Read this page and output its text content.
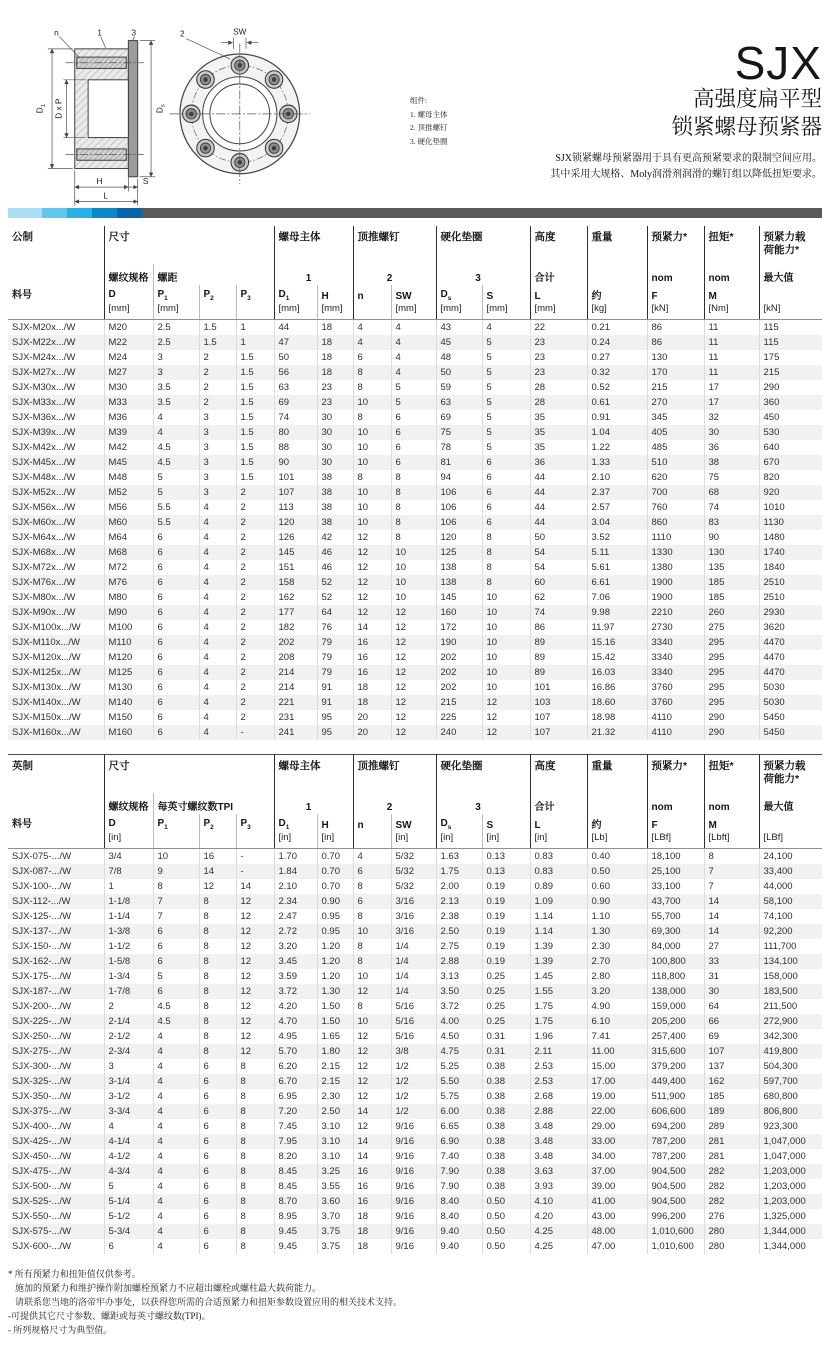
n	1	3
$D_1$ D x P	$D_s$
H	S
L
2	SW
组件:
1. 螺母主体
2. 顶推螺钉
3. 硬化垫圈
SJX
高强度扁平型
锁紧螺母预紧器
SJX锁紧螺母预紧器用于具有更高预紧要求的限制空间应用。
其中采用大规格、Moly润滑剂润滑的螺钉组以降低扭矩要求。
公制
料号
	尺寸	螺母主体	顶推螺钉	硬化垫圈	高度	重量	预紧力*	扭矩*	预紧力载
荷能力*
	螺纹规格	螺距			1		2		3		合计		nom	nom	最大值
	D	$P_1$	$P_2$	$P_3$	$D_1$	H	n	SW	$D_s$	S	L	约	F	M	
	[mm]	[mm]			[mm]	[mm]		[mm]	[mm]	[mm]	[mm]	[kg]	[kN]	[Nm]	[kN]
SJX-M20x.../W	M20	2.5	1.5	1	44	18	4	4	43	4	22	0.21	86	11	115
SJX-M22x.../W	M22	2.5	1.5	1	47	18	4	4	45	5	23	0.24	86	11	115
SJX-M24x.../W	M24	3	2	1.5	50	18	6	4	48	5	23	0.27	130	11	175
SJX-M27x.../W	M27	3	2	1.5	56	18	8	4	50	5	23	0.32	170	11	215
SJX-M30x.../W	M30	3.5	2	1.5	63	23	8	5	59	5	28	0.52	215	17	290
SJX-M33x.../W	M33	3.5	2	1.5	69	23	10	5	63	5	28	0.61	270	17	360
SJX-M36x.../W	M36	4	3	1.5	74	30	8	6	69	5	35	0.91	345	32	450
SJX-M39x.../W	M39	4	3	1.5	80	30	10	6	75	5	35	1.04	405	30	530
SJX-M42x.../W	M42	4.5	3	1.5	88	30	10	6	78	5	35	1.22	485	36	640
SJX-M45x.../W	M45	4.5	3	1.5	90	30	10	6	81	6	36	1.33	510	38	670
SJX-M48x.../W	M48	5	3	1.5	101	38	8	8	94	6	44	2.10	620	75	820
SJX-M52x.../W	M52	5	3	2	107	38	10	8	106	6	44	2.37	700	68	920
SJX-M56x.../W	M56	5.5	4	2	113	38	10	8	106	6	44	2.57	760	74	1010
SJX-M60x.../W	M60	5.5	4	2	120	38	10	8	106	6	44	3.04	860	83	1130
SJX-M64x.../W	M64	6	4	2	126	42	12	8	120	8	50	3.52	1110	90	1480
SJX-M68x.../W	M68	6	4	2	145	46	12	10	125	8	54	5.11	1330	130	1740
SJX-M72x.../W	M72	6	4	2	151	46	12	10	138	8	54	5.61	1380	135	1840
SJX-M76x.../W	M76	6	4	2	158	52	12	10	138	8	60	6.61	1900	185	2510
SJX-M80x.../W	M80	6	4	2	162	52	12	10	145	10	62	7.06	1900	185	2510
SJX-M90x.../W	M90	6	4	2	177	64	12	12	160	10	74	9.98	2210	260	2930
SJX-M100x.../W	M100	6	4	2	182	76	14	12	172	10	86	11.97	2730	275	3620
SJX-M110x.../W	M110	6	4	2	202	79	16	12	190	10	89	15.16	3340	295	4470
SJX-M120x.../W	M120	6	4	2	208	79	16	12	202	10	89	15.42	3340	295	4470
SJX-M125x.../W	M125	6	4	2	214	79	16	12	202	10	89	16.03	3340	295	4470
SJX-M130x.../W	M130	6	4	2	214	91	18	12	202	10	101	16.86	3760	295	5030
SJX-M140x.../W	M140	6	4	2	221	91	18	12	215	12	103	18.60	3760	295	5030
SJX-M150x.../W	M150	6	4	2	231	95	20	12	225	12	107	18.98	4110	290	5450
SJX-M160x.../W	M160	6	4	-	241	95	20	12	240	12	107	21.32	4110	290	5450
英制
料号
	尺寸	螺母主体	顶推螺钉	硬化垫圈	高度	重量	预紧力*	扭矩*	预紧力载
荷能力*
	螺纹规格	每英寸螺纹数TPI			1		2		3		合计		nom	nom	最大值
	D	$P_1$	$P_2$	$P_3$	$D_1$	H	n	SW	$D_s$	S	L	约	F	M	
	[in]				[in]	[in]		[in]	[in]	[in]	[in]	[Lb]	[LBf]	[Lbft]	[LBf]
SJX-075-.../W	3/4	10	16	-	1.70	0.70	4	5/32	1.63	0.13	0.83	0.40	18,100	8	24,100
SJX-087-.../W	7/8	9	14	-	1.84	0.70	6	5/32	1.75	0.13	0.83	0.50	25,100	7	33,400
SJX-100-.../W	1	8	12	14	2.10	0.70	8	5/32	2.00	0.19	0.89	0.60	33,100	7	44,000
SJX-112-.../W	1-1/8	7	8	12	2.34	0.90	6	3/16	2.13	0.19	1.09	0.90	43,700	14	58,100
SJX-125-.../W	1-1/4	7	8	12	2.47	0.95	8	3/16	2.38	0.19	1.14	1.10	55,700	14	74,100
SJX-137-.../W	1-3/8	6	8	12	2.72	0.95	10	3/16	2.50	0.19	1.14	1.30	69,300	14	92,200
SJX-150-.../W	1-1/2	6	8	12	3.20	1.20	8	1/4	2.75	0.19	1.39	2.30	84,000	27	111,700
SJX-162-.../W	1-5/8	6	8	12	3.45	1.20	8	1/4	2.88	0.19	1.39	2.70	100,800	33	134,100
SJX-175-.../W	1-3/4	5	8	12	3.59	1.20	10	1/4	3.13	0.25	1.45	2.80	118,800	31	158,000
SJX-187-.../W	1-7/8	6	8	12	3.72	1.30	12	1/4	3.50	0.25	1.55	3.20	138,000	30	183,500
SJX-200-.../W	2	4.5	8	12	4.20	1.50	8	5/16	3.72	0.25	1.75	4.90	159,000	64	211,500
SJX-225-.../W	2-1/4	4.5	8	12	4.70	1.50	10	5/16	4.00	0.25	1.75	6.10	205,200	66	272,900
SJX-250-.../W	2-1/2	4	8	12	4.95	1.65	12	5/16	4.50	0.31	1.96	7.41	257,400	69	342,300
SJX-275-.../W	2-3/4	4	8	12	5.70	1.80	12	3/8	4.75	0.31	2.11	11.00	315,600	107	419,800
SJX-300-.../W	3	4	6	8	6.20	2.15	12	1/2	5.25	0.38	2.53	15.00	379,200	137	504,300
SJX-325-.../W	3-1/4	4	6	8	6.70	2.15	12	1/2	5.50	0.38	2.53	17.00	449,400	162	597,700
SJX-350-.../W	3-1/2	4	6	8	6.95	2.30	12	1/2	5.75	0.38	2.68	19.00	511,900	185	680,800
SJX-375-.../W	3-3/4	4	6	8	7.20	2.50	14	1/2	6.00	0.38	2.88	22.00	606,600	189	806,800
SJX-400-.../W	4	4	6	8	7.45	3.10	12	9/16	6.65	0.38	3.48	29.00	694,200	289	923,300
SJX-425-.../W	4-1/4	4	6	8	7.95	3.10	14	9/16	6.90	0.38	3.48	33.00	787,200	281	1,047,000
SJX-450-.../W	4-1/2	4	6	8	8.20	3.10	14	9/16	7.40	0.38	3.48	34.00	787,200	281	1,047,000
SJX-475-.../W	4-3/4	4	6	8	8.45	3.25	16	9/16	7.90	0.38	3.63	37.00	904,500	282	1,203,000
SJX-500-.../W	5	4	6	8	8.45	3.55	16	9/16	7.90	0.38	3.93	39.00	904,500	282	1,203,000
SJX-525-.../W	5-1/4	4	6	8	8.70	3.60	16	9/16	8.40	0.50	4.10	41.00	904,500	282	1,203,000
SJX-550-.../W	5-1/2	4	6	8	8.95	3.70	18	9/16	8.40	0.50	4.20	43.00	996,200	276	1,325,000
SJX-575-.../W	5-3/4	4	6	8	9.45	3.75	18	9/16	9.40	0.50	4.25	48.00	1,010,600	280	1,344,000
SJX-600-.../W	6	4	6	8	9.45	3.75	18	9/16	9.40	0.50	4.25	47.00	1,010,600	280	1,344,000
* 所有预紧力和扭矩值仅供参考。
施加的预紧力和维护操作附加螺栓预紧力不应超出螺栓或螺柱最大载荷能力。
请联系您当地的洛帝牢办事处，以获得您所需的合适预紧力和扭矩参数设置应用的相关技术支持。
-可提供其它尺寸参数、螺距或每英寸螺纹数(TPI)。
- 所列规格尺寸为典型值。
